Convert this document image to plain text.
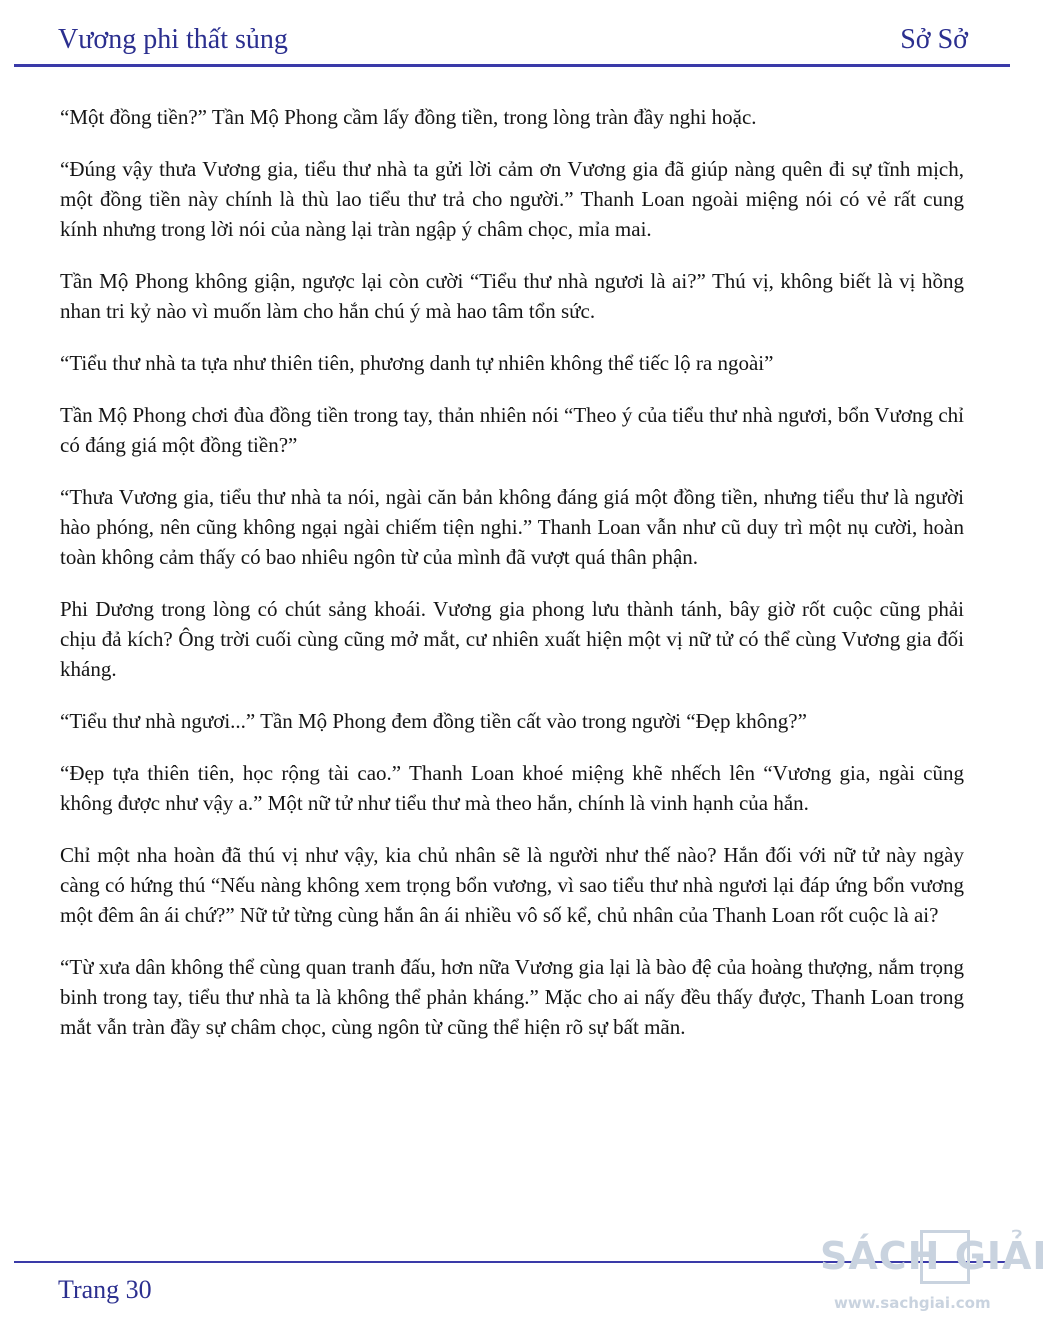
Vương phi thất sủng	Sở Sở

“Một đồng tiền?” Tần Mộ Phong cầm lấy đồng tiền, trong lòng tràn đầy nghi hoặc.

“Đúng vậy thưa Vương gia, tiểu thư nhà ta gửi lời cảm ơn Vương gia đã giúp nàng quên đi sự tĩnh mịch, một đồng tiền này chính là thù lao tiểu thư trả cho người.” Thanh Loan ngoài miệng nói có vẻ rất cung kính nhưng trong lời nói của nàng lại tràn ngập ý châm chọc, mỉa mai.

Tần Mộ Phong không giận, ngược lại còn cười “Tiểu thư nhà ngươi là ai?” Thú vị, không biết là vị hồng nhan tri kỷ nào vì muốn làm cho hắn chú ý mà hao tâm tổn sức.

“Tiểu thư nhà ta tựa như thiên tiên, phương danh tự nhiên không thể tiếc lộ ra ngoài”

Tần Mộ Phong chơi đùa đồng tiền trong tay, thản nhiên nói “Theo ý của tiểu thư nhà ngươi, bổn Vương chỉ có đáng giá một đồng tiền?”

“Thưa Vương gia, tiểu thư nhà ta nói, ngài căn bản không đáng giá một đồng tiền, nhưng tiểu thư là người hào phóng, nên cũng không ngại ngài chiếm tiện nghi.” Thanh Loan vẫn như cũ duy trì một nụ cười, hoàn toàn không cảm thấy có bao nhiêu ngôn từ của mình đã vượt quá thân phận.

Phi Dương trong lòng có chút sảng khoái. Vương gia phong lưu thành tánh, bây giờ rốt cuộc cũng phải chịu đả kích? Ông trời cuối cùng cũng mở mắt, cư nhiên xuất hiện một vị nữ tử có thể cùng Vương gia đối kháng.

“Tiểu thư nhà ngươi...” Tần Mộ Phong đem đồng tiền cất vào trong người “Đẹp không?”

“Đẹp tựa thiên tiên, học rộng tài cao.” Thanh Loan khoé miệng khẽ nhếch lên “Vương gia, ngài cũng không được như vậy a.” Một nữ tử như tiểu thư mà theo hắn, chính là vinh hạnh của hắn.

Chỉ một nha hoàn đã thú vị như vậy, kia chủ nhân sẽ là người như thế nào? Hắn đối với nữ tử này ngày càng có hứng thú “Nếu nàng không xem trọng bổn vương, vì sao tiểu thư nhà ngươi lại đáp ứng bổn vương một đêm ân ái chứ?” Nữ tử từng cùng hắn ân ái nhiều vô số kể, chủ nhân của Thanh Loan rốt cuộc là ai?

“Từ xưa dân không thể cùng quan tranh đấu, hơn nữa Vương gia lại là bào đệ của hoàng thượng, nắm trọng binh trong tay, tiểu thư nhà ta là không thể phản kháng.” Mặc cho ai nấy đều thấy được, Thanh Loan trong mắt vẫn tràn đầy sự châm chọc, cùng ngôn từ cũng thể hiện rõ sự bất mãn.

Trang 30
SÁCH GIẢI
www.sachgiai.com
